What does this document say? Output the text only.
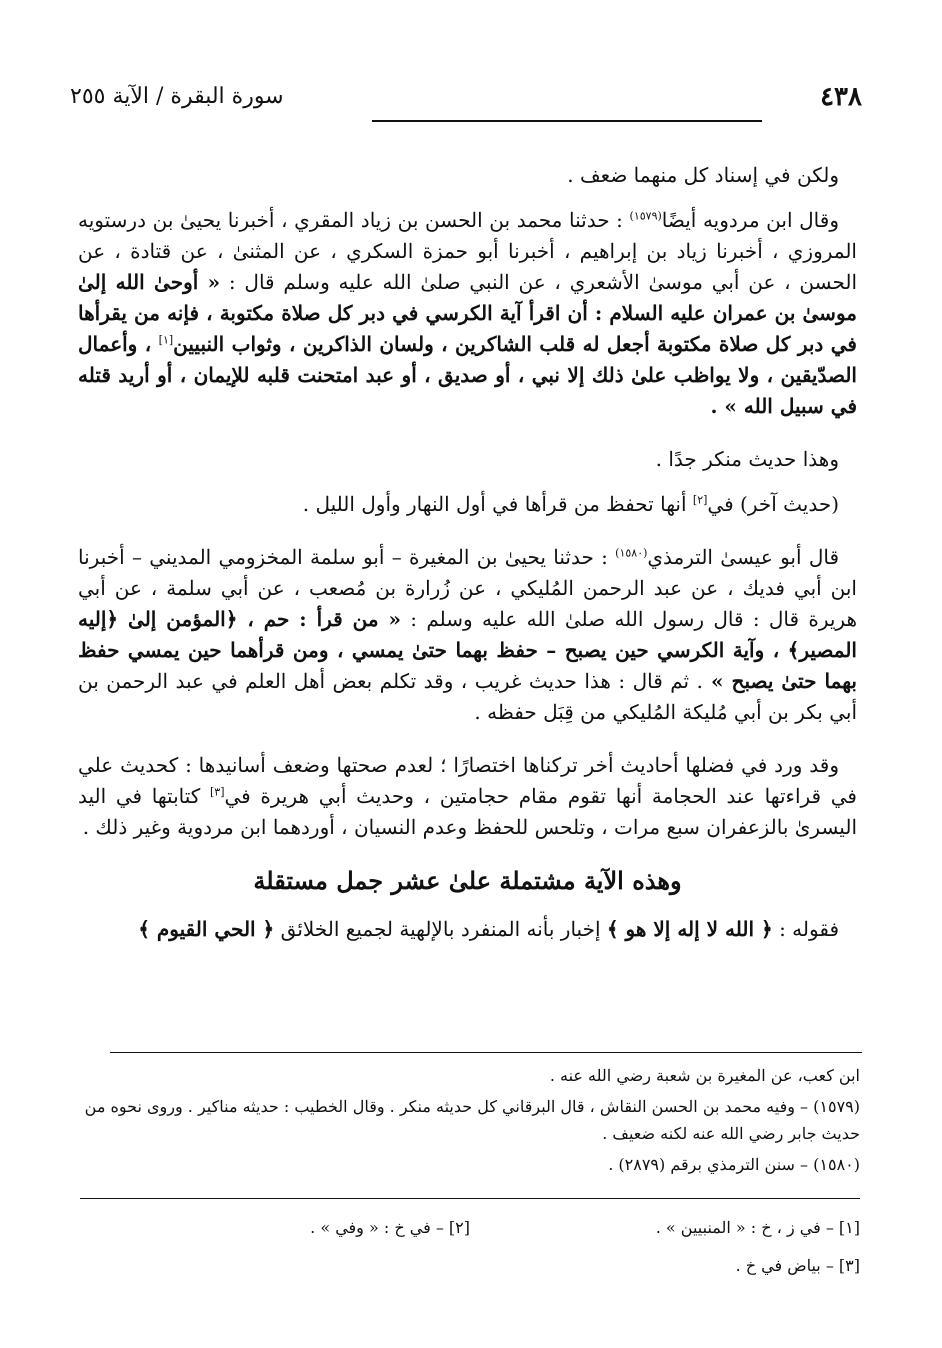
٤٣٨
سورة البقرة / الآية ٢٥٥

ولكن في إسناد كل منهما ضعف .

وقال ابن مردويه أيضًا$^{(١٥٧٩)}$ : حدثنا محمد بن الحسن بن زياد المقري ، أخبرنا يحيىٰ بن درستويه المروزي ، أخبرنا زياد بن إبراهيم ، أخبرنا أبو حمزة السكري ، عن المثنىٰ ، عن قتادة ، عن الحسن ، عن أبي موسىٰ الأشعري ، عن النبي صلىٰ الله عليه وسلم قال : « أوحىٰ الله إلىٰ موسىٰ بن عمران عليه السلام : أن اقرأ آية الكرسي في دبر كل صلاة مكتوبة ، فإنه من يقرأها في دبر كل صلاة مكتوبة أجعل له قلب الشاكرين ، ولسان الذاكرين ، وثواب النبيين[١] ، وأعمال الصدّيقين ، ولا يواظب علىٰ ذلك إلا نبي ، أو صديق ، أو عبد امتحنت قلبه للإيمان ، أو أريد قتله في سبيل الله » .

وهذا حديث منكر جدًا .

(حديث آخر) في[٢] أنها تحفظ من قرأها في أول النهار وأول الليل .

قال أبو عيسىٰ الترمذي$^{(١٥٨٠)}$ : حدثنا يحيىٰ بن المغيرة – أبو سلمة المخزومي المديني – أخبرنا ابن أبي فديك ، عن عبد الرحمن المُليكي ، عن زُرارة بن مُصعب ، عن أبي سلمة ، عن أبي هريرة قال : قال رسول الله صلىٰ الله عليه وسلم : « من قرأ : حم ، ﴿المؤمن إلىٰ ﴿إليه المصير﴾ ، وآية الكرسي حين يصبح – حفظ بهما حتىٰ يمسي ، ومن قرأهما حين يمسي حفظ بهما حتىٰ يصبح » . ثم قال : هذا حديث غريب ، وقد تكلم بعض أهل العلم في عبد الرحمن بن أبي بكر بن أبي مُليكة المُليكي من قِبَل حفظه .

وقد ورد في فضلها أحاديث أخر تركناها اختصارًا ؛ لعدم صحتها وضعف أسانيدها : كحديث علي في قراءتها عند الحجامة أنها تقوم مقام حجامتين ، وحديث أبي هريرة في[٣] كتابتها في اليد اليسرىٰ بالزعفران سبع مرات ، وتلحس للحفظ وعدم النسيان ، أوردهما ابن مردوية وغير ذلك .

وهذه الآية مشتملة علىٰ عشر جمل مستقلة

فقوله : ﴿ الله لا إله إلا هو ﴾ إخبار بأنه المنفرد بالإلهية لجميع الخلائق ﴿ الحي القيوم ﴾

ابن كعب، عن المغيرة بن شعبة رضي الله عنه .

(١٥٧٩) – وفيه محمد بن الحسن النقاش ، قال البرقاني كل حديثه منكر . وقال الخطيب : حديثه مناكير . وروى نحوه من حديث جابر رضي الله عنه لكنه ضعيف .

(١٥٨٠) – سنن الترمذي برقم (٢٨٧٩) .

[١] – في ز ، خ : « المنبيين » .
[٢] – في خ : « وفي » .
[٣] – بياض في خ .
